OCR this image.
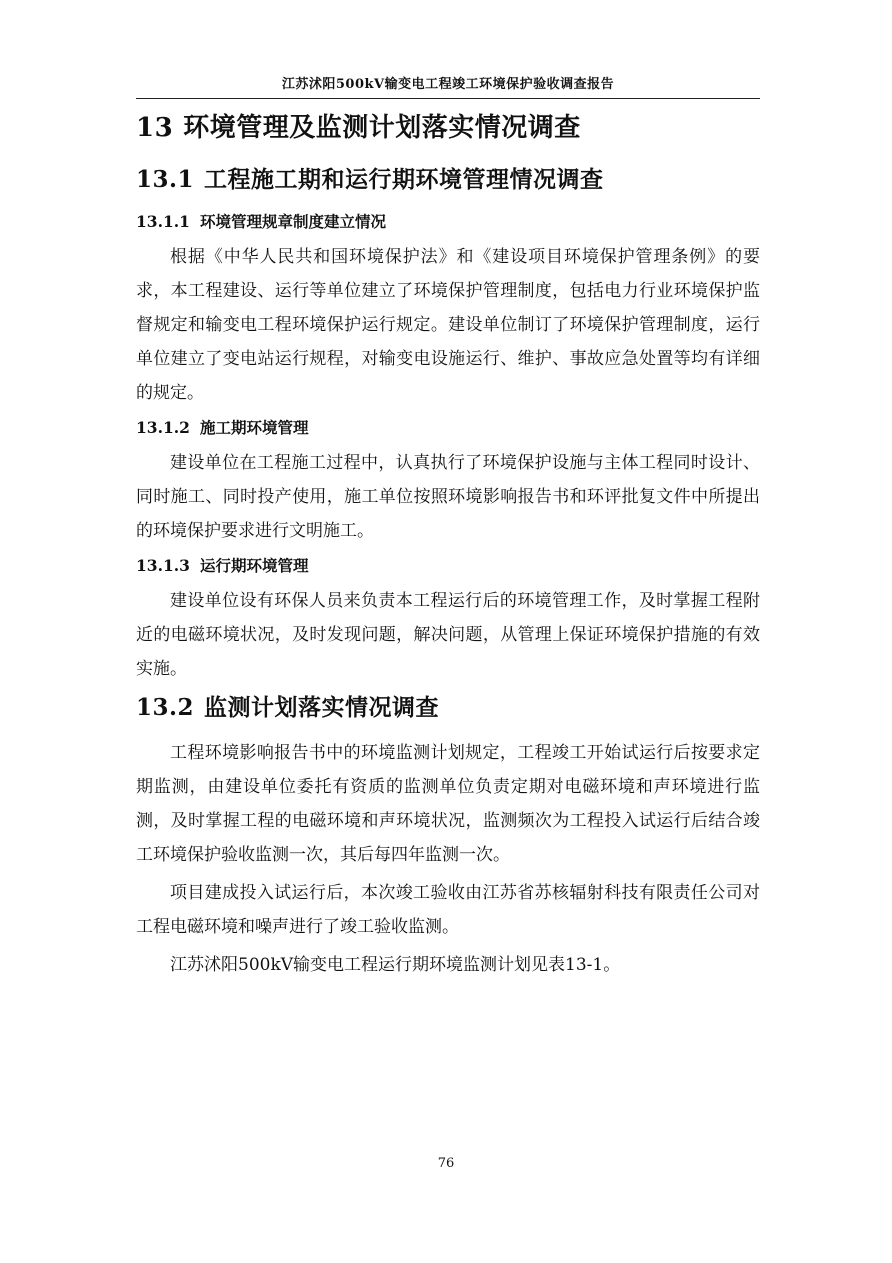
江苏沭阳500kV输变电工程竣工环境保护验收调查报告
13 环境管理及监测计划落实情况调查
13.1 工程施工期和运行期环境管理情况调查
13.1.1 环境管理规章制度建立情况

根据《中华人民共和国环境保护法》和《建设项目环境保护管理条例》的要求，本工程建设、运行等单位建立了环境保护管理制度，包括电力行业环境保护监督规定和输变电工程环境保护运行规定。建设单位制订了环境保护管理制度，运行单位建立了变电站运行规程，对输变电设施运行、维护、事故应急处置等均有详细的规定。

13.1.2 施工期环境管理

建设单位在工程施工过程中，认真执行了环境保护设施与主体工程同时设计、同时施工、同时投产使用，施工单位按照环境影响报告书和环评批复文件中所提出的环境保护要求进行文明施工。

13.1.3 运行期环境管理

建设单位设有环保人员来负责本工程运行后的环境管理工作，及时掌握工程附近的电磁环境状况，及时发现问题，解决问题，从管理上保证环境保护措施的有效实施。

13.2 监测计划落实情况调查

工程环境影响报告书中的环境监测计划规定，工程竣工开始试运行后按要求定期监测，由建设单位委托有资质的监测单位负责定期对电磁环境和声环境进行监测，及时掌握工程的电磁环境和声环境状况，监测频次为工程投入试运行后结合竣工环境保护验收监测一次，其后每四年监测一次。

项目建成投入试运行后，本次竣工验收由江苏省苏核辐射科技有限责任公司对工程电磁环境和噪声进行了竣工验收监测。

江苏沭阳500kV输变电工程运行期环境监测计划见表13-1。

76
